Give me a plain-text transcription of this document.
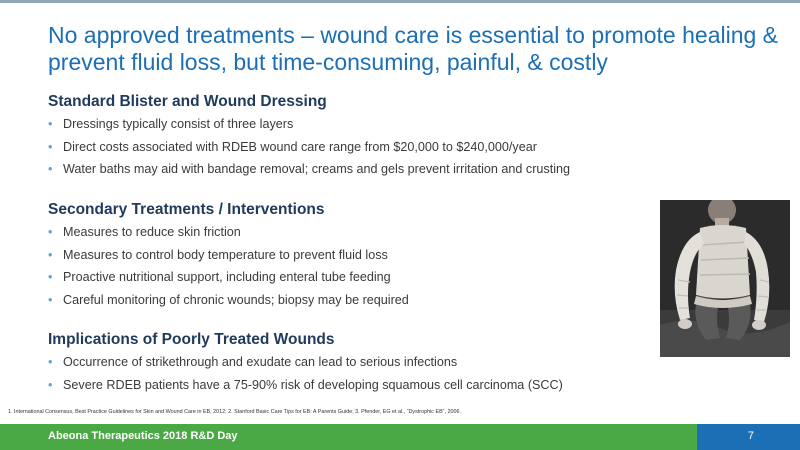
No approved treatments – wound care is essential to promote healing & prevent fluid loss, but time-consuming, painful, & costly
Standard Blister and Wound Dressing
• Dressings typically consist of three layers
• Direct costs associated with RDEB wound care range from $20,000 to $240,000/year
• Water baths may aid with bandage removal; creams and gels prevent irritation and crusting
Secondary Treatments / Interventions
• Measures to reduce skin friction
• Measures to control body temperature to prevent fluid loss
• Proactive nutritional support, including enteral tube feeding
• Careful monitoring of chronic wounds; biopsy may be required
Implications of Poorly Treated Wounds
• Occurrence of strikethrough and exudate can lead to serious infections
• Severe RDEB patients have a 75-90% risk of developing squamous cell carcinoma (SCC)
1. International Consensus, Best Practice Guidelines for Skin and Wound Care in EB, 2012; 2. Stanford Basic Care Tips for EB: A Parents Guide; 3. Pfender, EG et al., “Dystrophic EB”, 2006.
Abeona Therapeutics 2018 R&D Day	7
